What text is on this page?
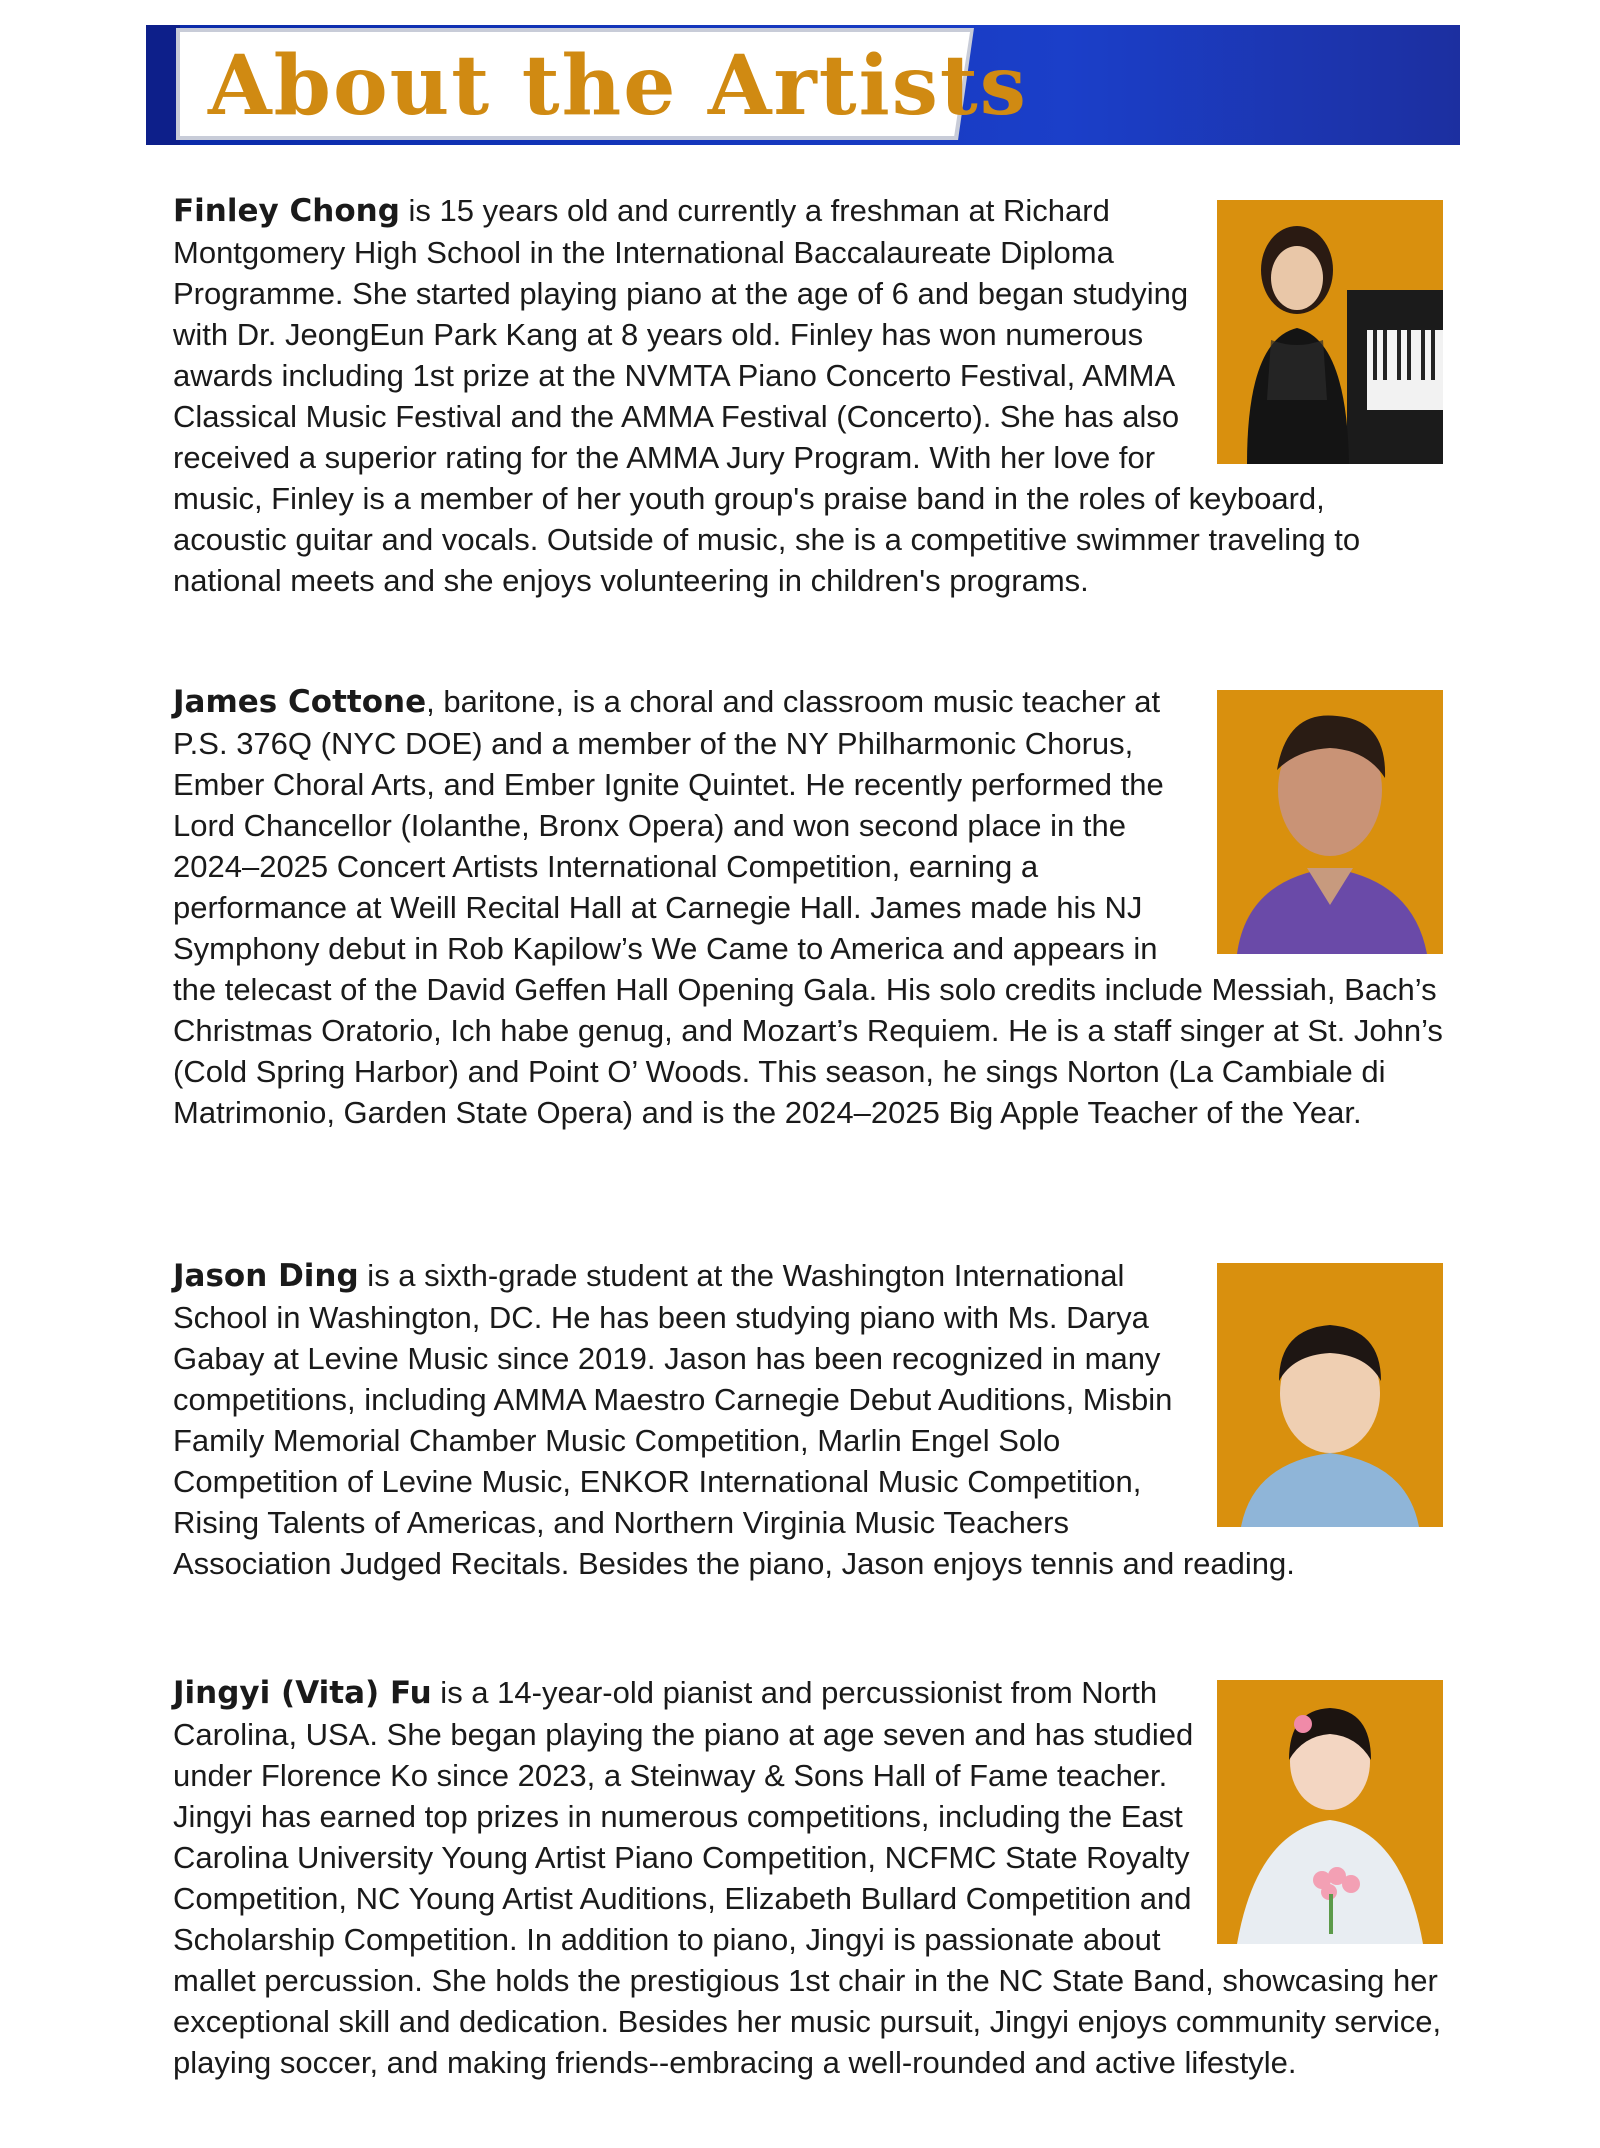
About the Artists

Finley Chong is 15 years old and currently a freshman at Richard Montgomery High School in the International Baccalaureate Diploma Programme. She started playing piano at the age of 6 and began studying with Dr. JeongEun Park Kang at 8 years old. Finley has won numerous awards including 1st prize at the NVMTA Piano Concerto Festival, AMMA Classical Music Festival and the AMMA Festival (Concerto). She has also received a superior rating for the AMMA Jury Program. With her love for music, Finley is a member of her youth group's praise band in the roles of keyboard, acoustic guitar and vocals. Outside of music, she is a competitive swimmer traveling to national meets and she enjoys volunteering in children's programs.

James Cottone, baritone, is a choral and classroom music teacher at P.S. 376Q (NYC DOE) and a member of the NY Philharmonic Chorus, Ember Choral Arts, and Ember Ignite Quintet. He recently performed the Lord Chancellor (Iolanthe, Bronx Opera) and won second place in the 2024–2025 Concert Artists International Competition, earning a performance at Weill Recital Hall at Carnegie Hall. James made his NJ Symphony debut in Rob Kapilow’s We Came to America and appears in the telecast of the David Geffen Hall Opening Gala. His solo credits include Messiah, Bach’s Christmas Oratorio, Ich habe genug, and Mozart’s Requiem. He is a staff singer at St. John’s (Cold Spring Harbor) and Point O’ Woods. This season, he sings Norton (La Cambiale di Matrimonio, Garden State Opera) and is the 2024–2025 Big Apple Teacher of the Year.

Jason Ding is a sixth-grade student at the Washington International School in Washington, DC. He has been studying piano with Ms. Darya Gabay at Levine Music since 2019. Jason has been recognized in many competitions, including AMMA Maestro Carnegie Debut Auditions, Misbin Family Memorial Chamber Music Competition, Marlin Engel Solo Competition of Levine Music, ENKOR International Music Competition, Rising Talents of Americas, and Northern Virginia Music Teachers Association Judged Recitals. Besides the piano, Jason enjoys tennis and reading.

Jingyi (Vita) Fu is a 14-year-old pianist and percussionist from North Carolina, USA. She began playing the piano at age seven and has studied under Florence Ko since 2023, a Steinway & Sons Hall of Fame teacher. Jingyi has earned top prizes in numerous competitions, including the East Carolina University Young Artist Piano Competition, NCFMC State Royalty Competition, NC Young Artist Auditions, Elizabeth Bullard Competition and Scholarship Competition. In addition to piano, Jingyi is passionate about mallet percussion. She holds the prestigious 1st chair in the NC State Band, showcasing her exceptional skill and dedication. Besides her music pursuit, Jingyi enjoys community service, playing soccer, and making friends--embracing a well-rounded and active lifestyle.
